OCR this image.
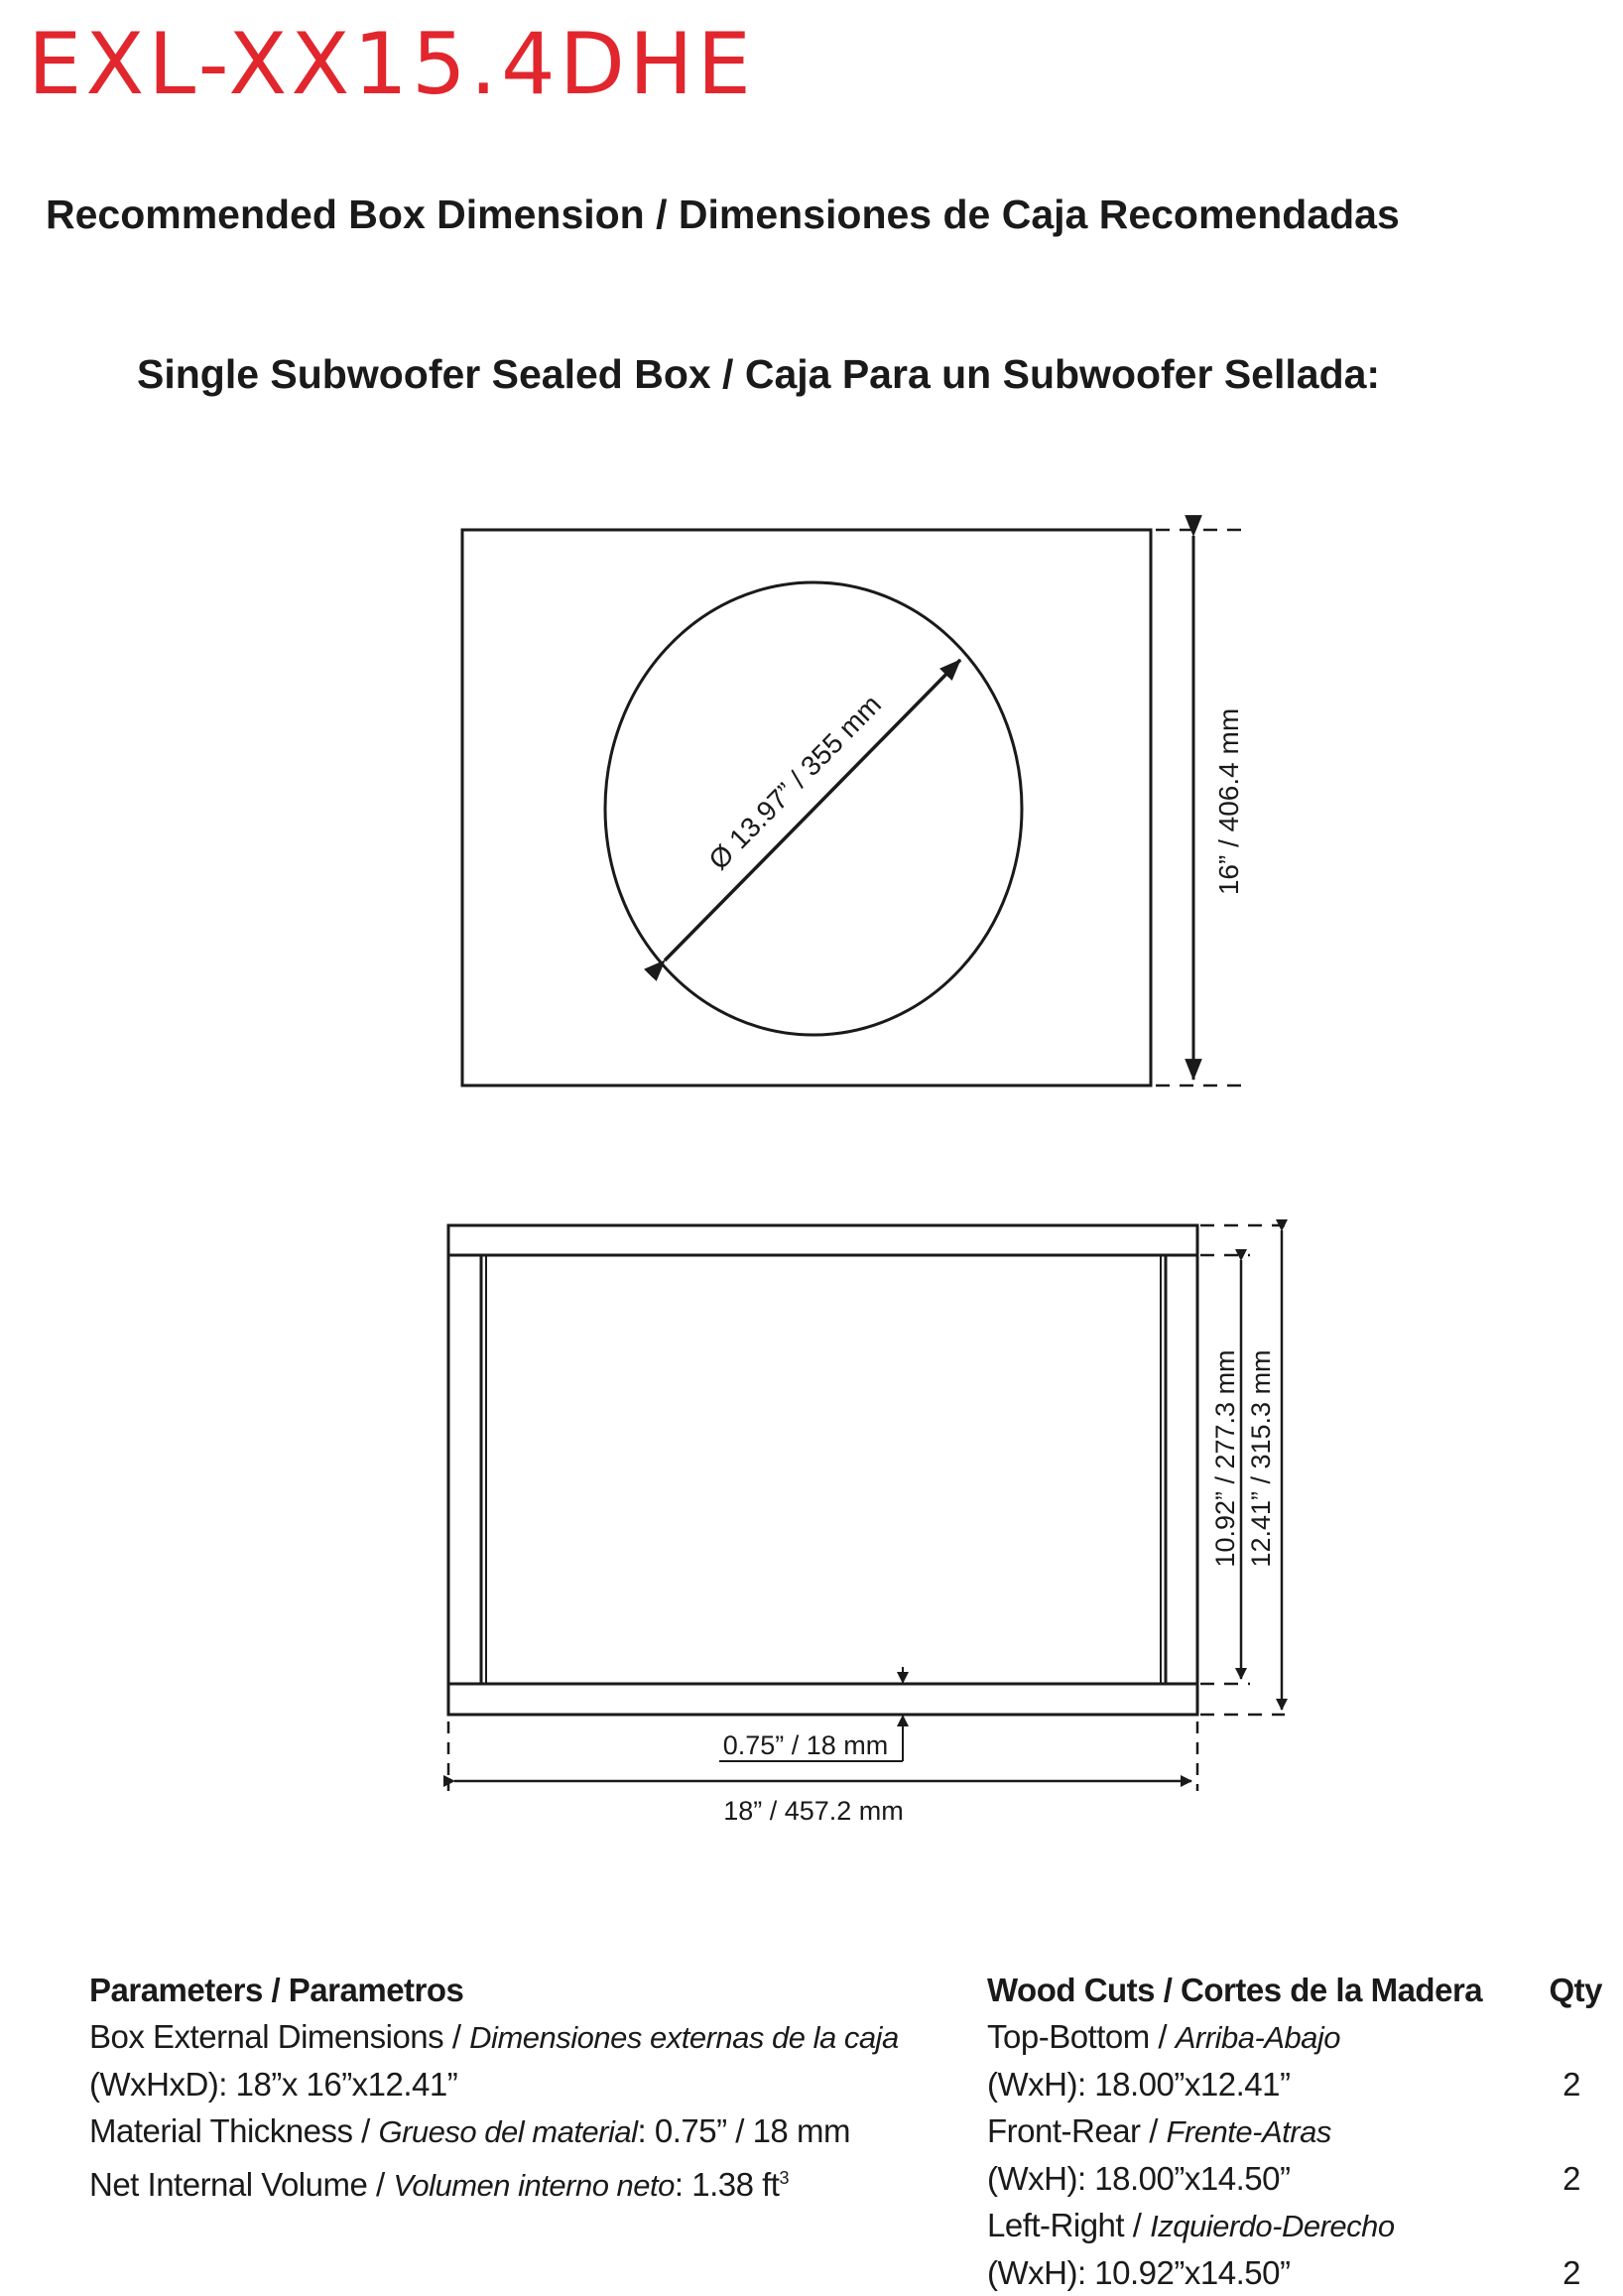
EXL-XX15.4DHE
Recommended Box Dimension / Dimensiones de Caja Recomendadas
Single Subwoofer Sealed Box / Caja Para un Subwoofer Sellada:
Ø 13.97” / 355 mm	16” / 406.4 mm
10.92” / 277.3 mm 12.41” / 315.3 mm
0.75” / 18 mm
18” / 457.2 mm
Parameters / Parametros
Box External Dimensions / Dimensiones externas de la caja
(WxHxD): 18”x 16”x12.41”
Material Thickness / Grueso del material: 0.75” / 18 mm
Net Internal Volume / Volumen interno neto: 1.38 $ft^3$
Wood Cuts / Cortes de la Madera Qty
Top-Bottom / Arriba-Abajo
(WxH): 18.00”x12.41”	2
Front-Rear / Frente-Atras
(WxH): 18.00”x14.50”	2
Left-Right / Izquierdo-Derecho
(WxH): 10.92”x14.50”	2
